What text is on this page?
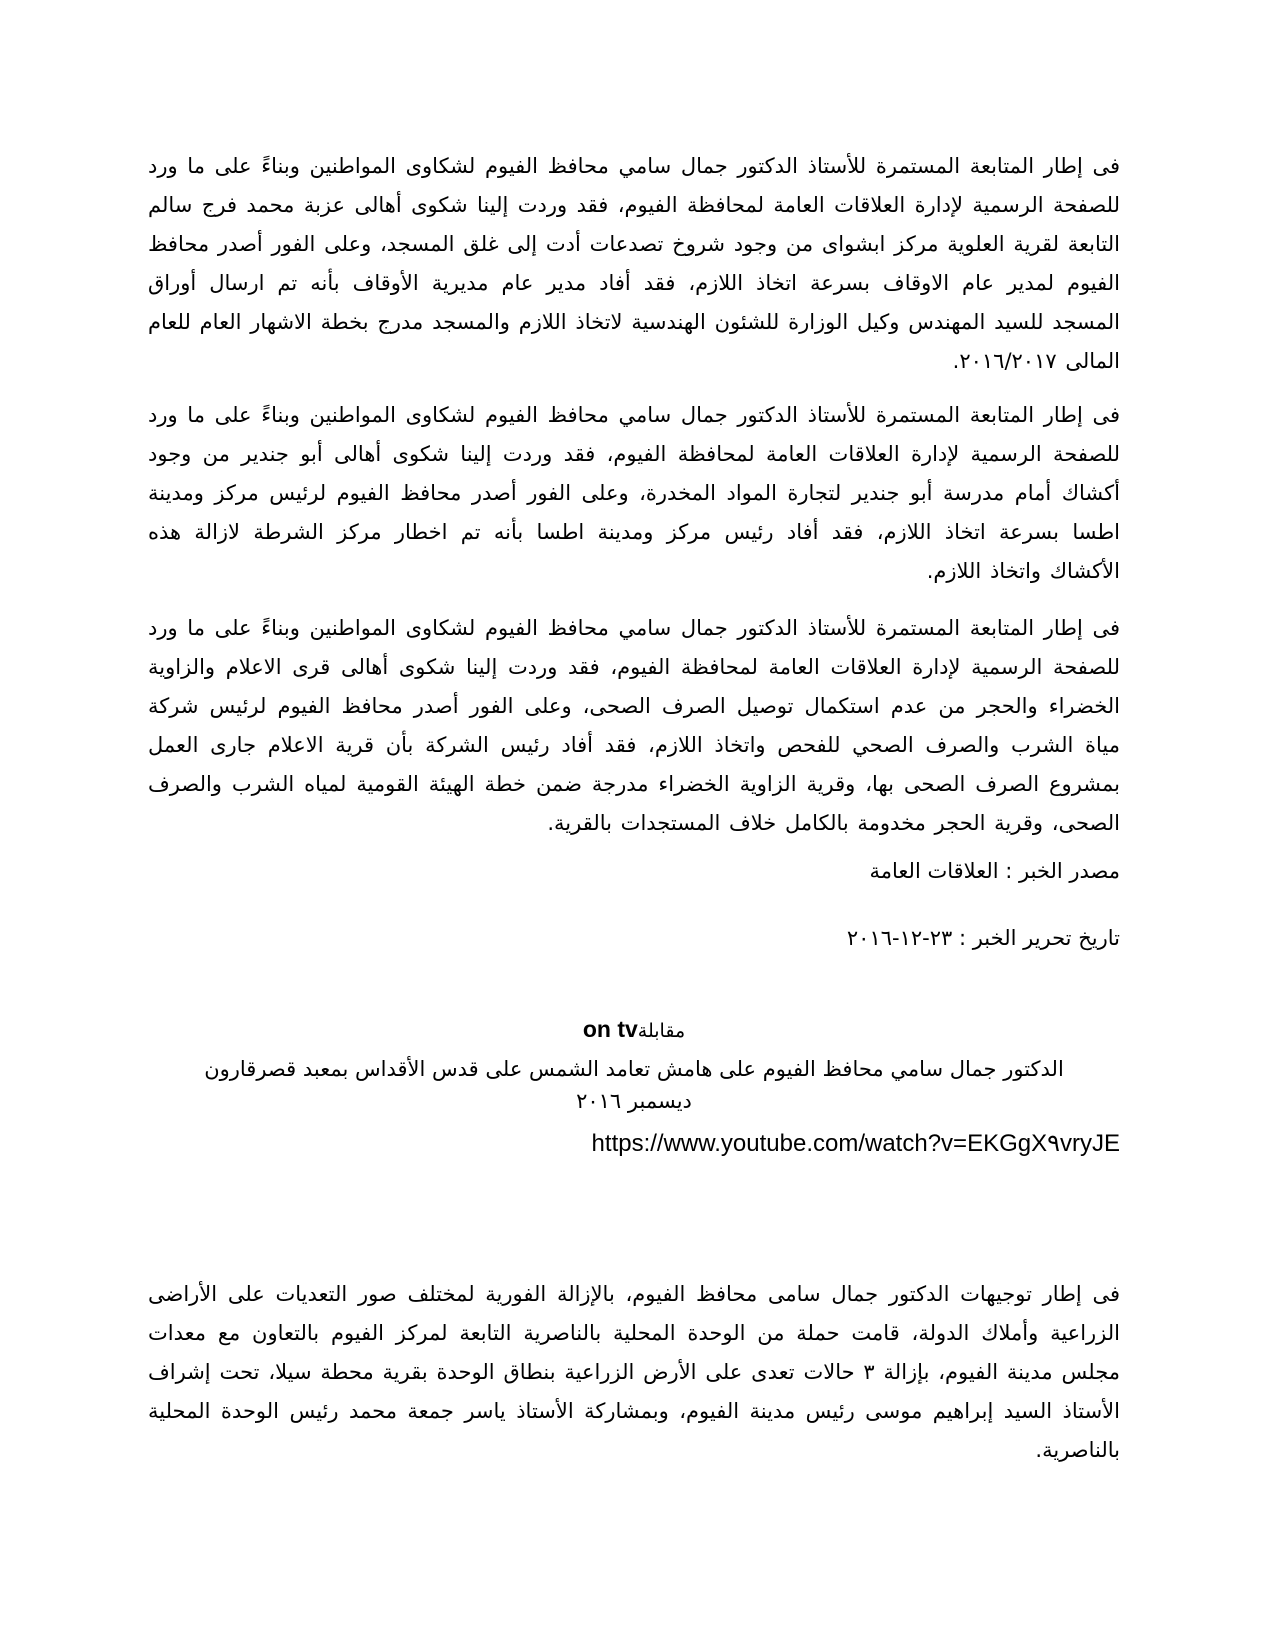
فى إطار المتابعة المستمرة للأستاذ الدكتور جمال سامي محافظ الفيوم لشكاوى المواطنين وبناءً على ما ورد للصفحة الرسمية لإدارة العلاقات العامة لمحافظة الفيوم، فقد وردت إلينا شكوى أهالى عزبة محمد فرج سالم التابعة لقرية العلوية مركز ابشواى من وجود شروخ تصدعات أدت إلى غلق المسجد، وعلى الفور أصدر محافظ الفيوم لمدير عام الاوقاف بسرعة اتخاذ اللازم، فقد أفاد مدير عام مديرية الأوقاف بأنه تم ارسال أوراق المسجد للسيد المهندس وكيل الوزارة للشئون الهندسية لاتخاذ اللازم والمسجد مدرج بخطة الاشهار العام للعام المالى ٢٠١٦/٢٠١٧.

فى إطار المتابعة المستمرة للأستاذ الدكتور جمال سامي محافظ الفيوم لشكاوى المواطنين وبناءً على ما ورد للصفحة الرسمية لإدارة العلاقات العامة لمحافظة الفيوم، فقد وردت إلينا شكوى أهالى أبو جندير من وجود أكشاك أمام مدرسة أبو جندير لتجارة المواد المخدرة، وعلى الفور أصدر محافظ الفيوم لرئيس مركز ومدينة اطسا بسرعة اتخاذ اللازم، فقد أفاد رئيس مركز ومدينة اطسا بأنه تم اخطار مركز الشرطة لازالة هذه الأكشاك واتخاذ اللازم.

فى إطار المتابعة المستمرة للأستاذ الدكتور جمال سامي محافظ الفيوم لشكاوى المواطنين وبناءً على ما ورد للصفحة الرسمية لإدارة العلاقات العامة لمحافظة الفيوم، فقد وردت إلينا شكوى أهالى قرى الاعلام والزاوية الخضراء والحجر من عدم استكمال توصيل الصرف الصحى، وعلى الفور أصدر محافظ الفيوم لرئيس شركة مياة الشرب والصرف الصحي للفحص واتخاذ اللازم، فقد أفاد رئيس الشركة بأن قرية الاعلام جارى العمل بمشروع الصرف الصحى بها، وقرية الزاوية الخضراء مدرجة ضمن خطة الهيئة القومية لمياه الشرب والصرف الصحى، وقرية الحجر مخدومة بالكامل خلاف المستجدات بالقرية.

مصدر الخبر : العلاقات العامة

تاريخ تحرير الخبر : ٢٣-١٢-٢٠١٦

on tvمقابلة

الدكتور جمال سامي محافظ الفيوم على هامش تعامد الشمس على قدس الأقداس بمعبد قصرقارون ديسمبر ٢٠١٦

https://www.youtube.com/watch?v=EKGgX٩vryJE

فى إطار توجيهات الدكتور جمال سامى محافظ الفيوم، بالإزالة الفورية لمختلف صور التعديات على الأراضى الزراعية وأملاك الدولة، قامت حملة من الوحدة المحلية بالناصرية التابعة لمركز الفيوم بالتعاون مع معدات مجلس مدينة الفيوم، بإزالة ٣ حالات تعدى على الأرض الزراعية بنطاق الوحدة بقرية محطة سيلا، تحت إشراف الأستاذ السيد إبراهيم موسى رئيس مدينة الفيوم، وبمشاركة الأستاذ ياسر جمعة محمد رئيس الوحدة المحلية بالناصرية.
